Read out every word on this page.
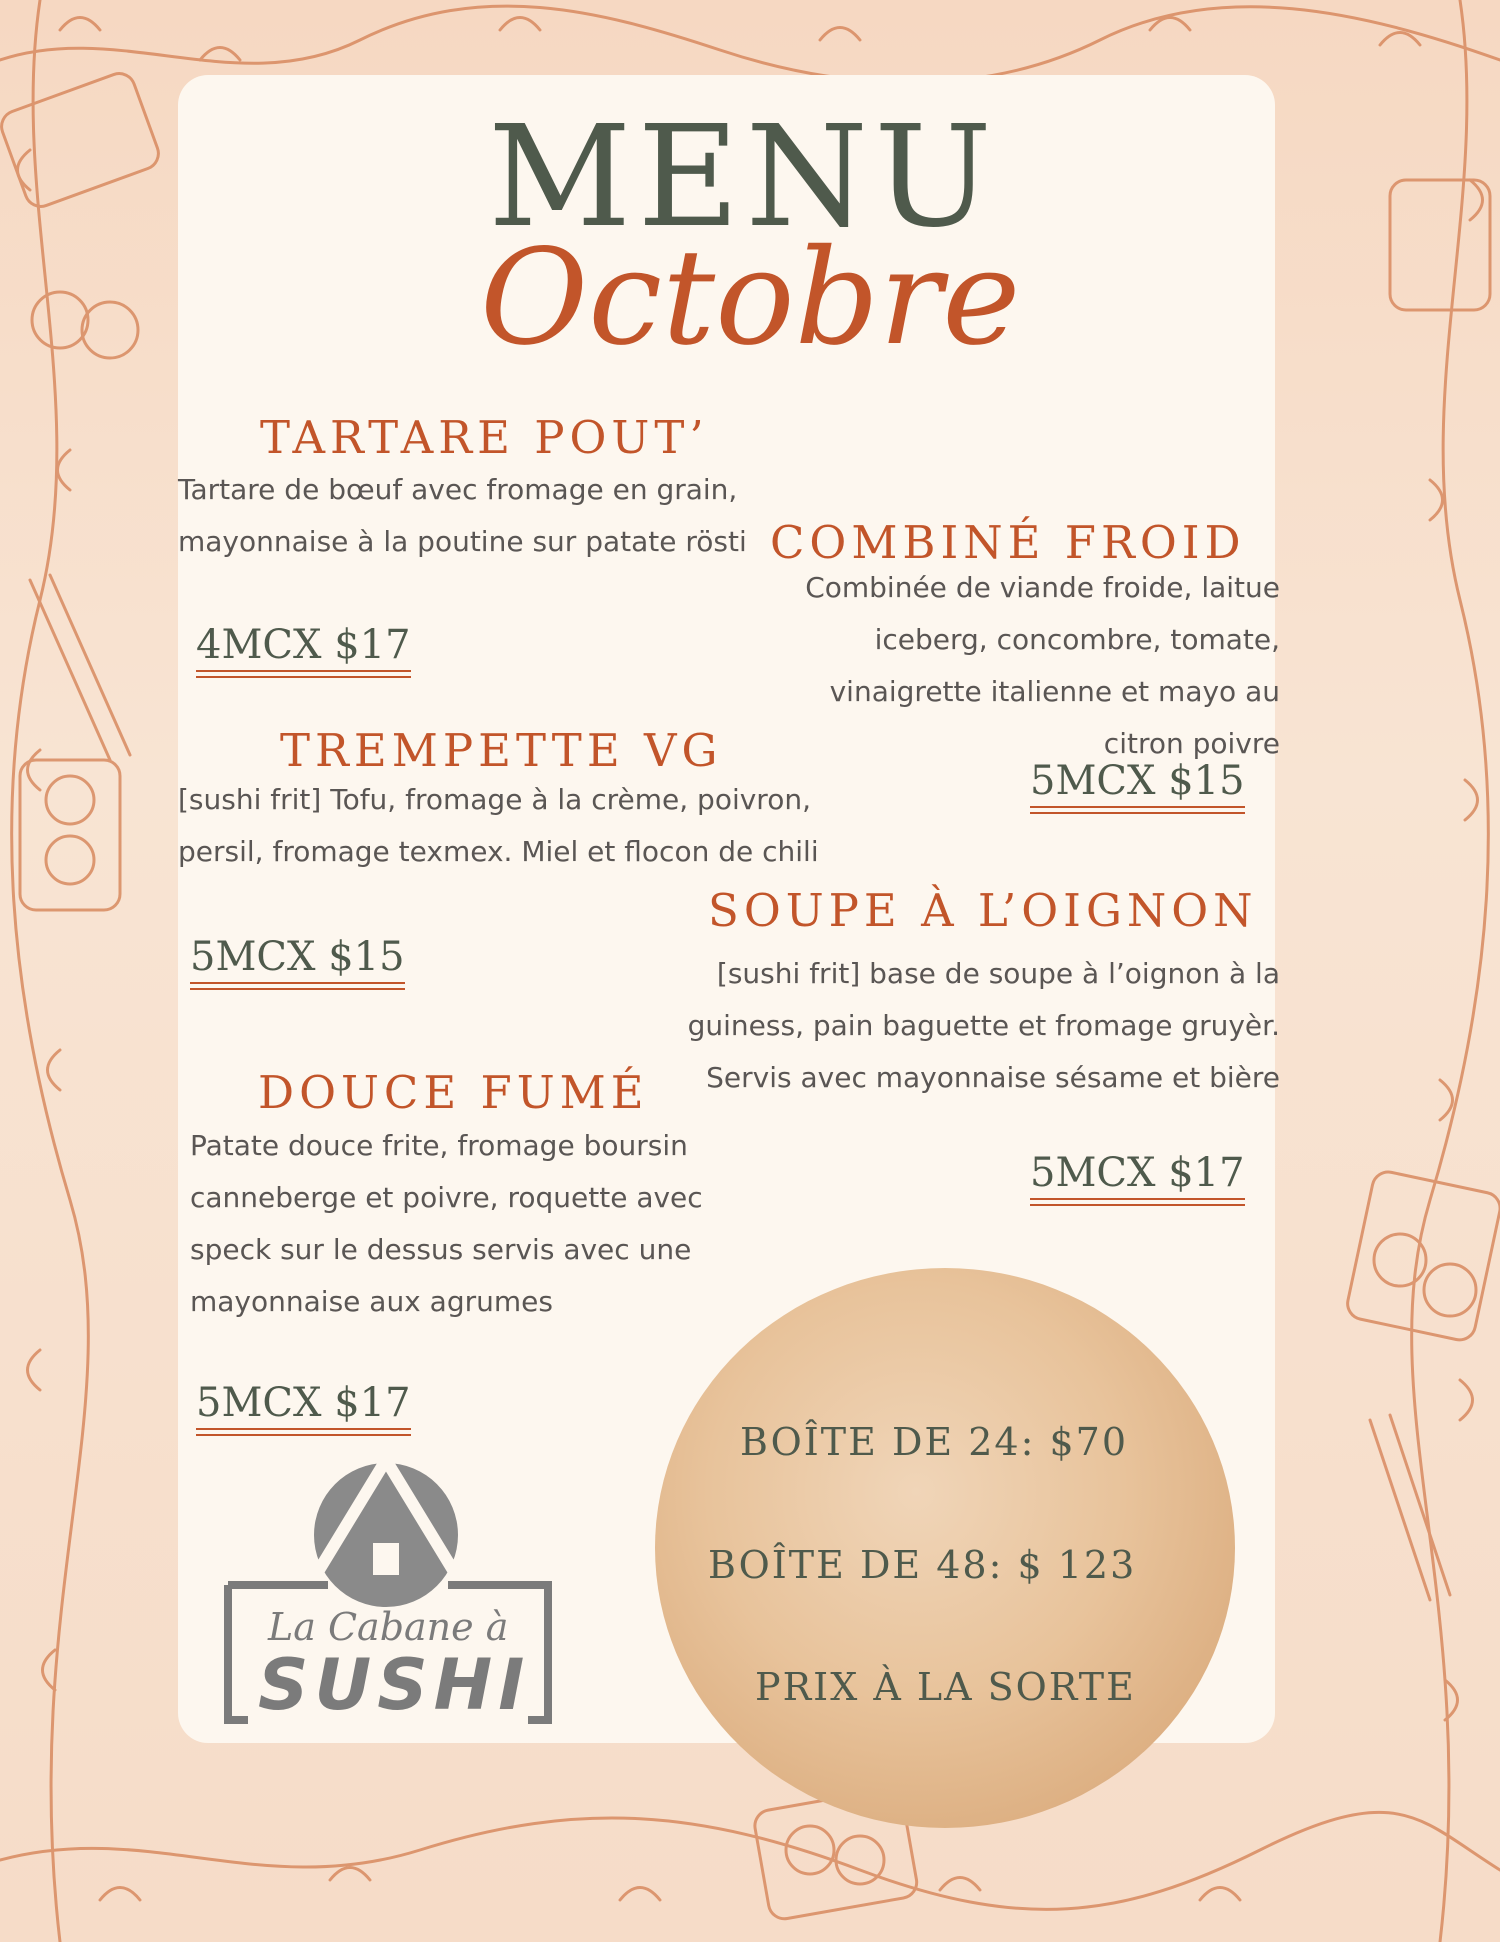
MENU
Octobre
TARTARE POUT’
Tartare de bœuf avec fromage en grain, mayonnaise à la poutine sur patate rösti
4MCX $17
TREMPETTE VG
[sushi frit] Tofu, fromage à la crème, poivron, persil, fromage texmex. Miel et flocon de chili
5MCX $15
DOUCE FUMÉ
Patate douce frite, fromage boursin canneberge et poivre, roquette avec speck sur le dessus servis avec une mayonnaise aux agrumes
5MCX $17
COMBINÉ FROID
Combinée de viande froide, laitue iceberg, concombre, tomate, vinaigrette italienne et mayo au citron poivre
5MCX $15
SOUPE À L’OIGNON
[sushi frit] base de soupe à l’oignon à la guiness, pain baguette et fromage gruyèr. Servis avec mayonnaise sésame et bière
5MCX $17
BOÎTE DE 24: $70
BOÎTE DE 48: $ 123
PRIX À LA SORTE
La Cabane à
SUSHI
